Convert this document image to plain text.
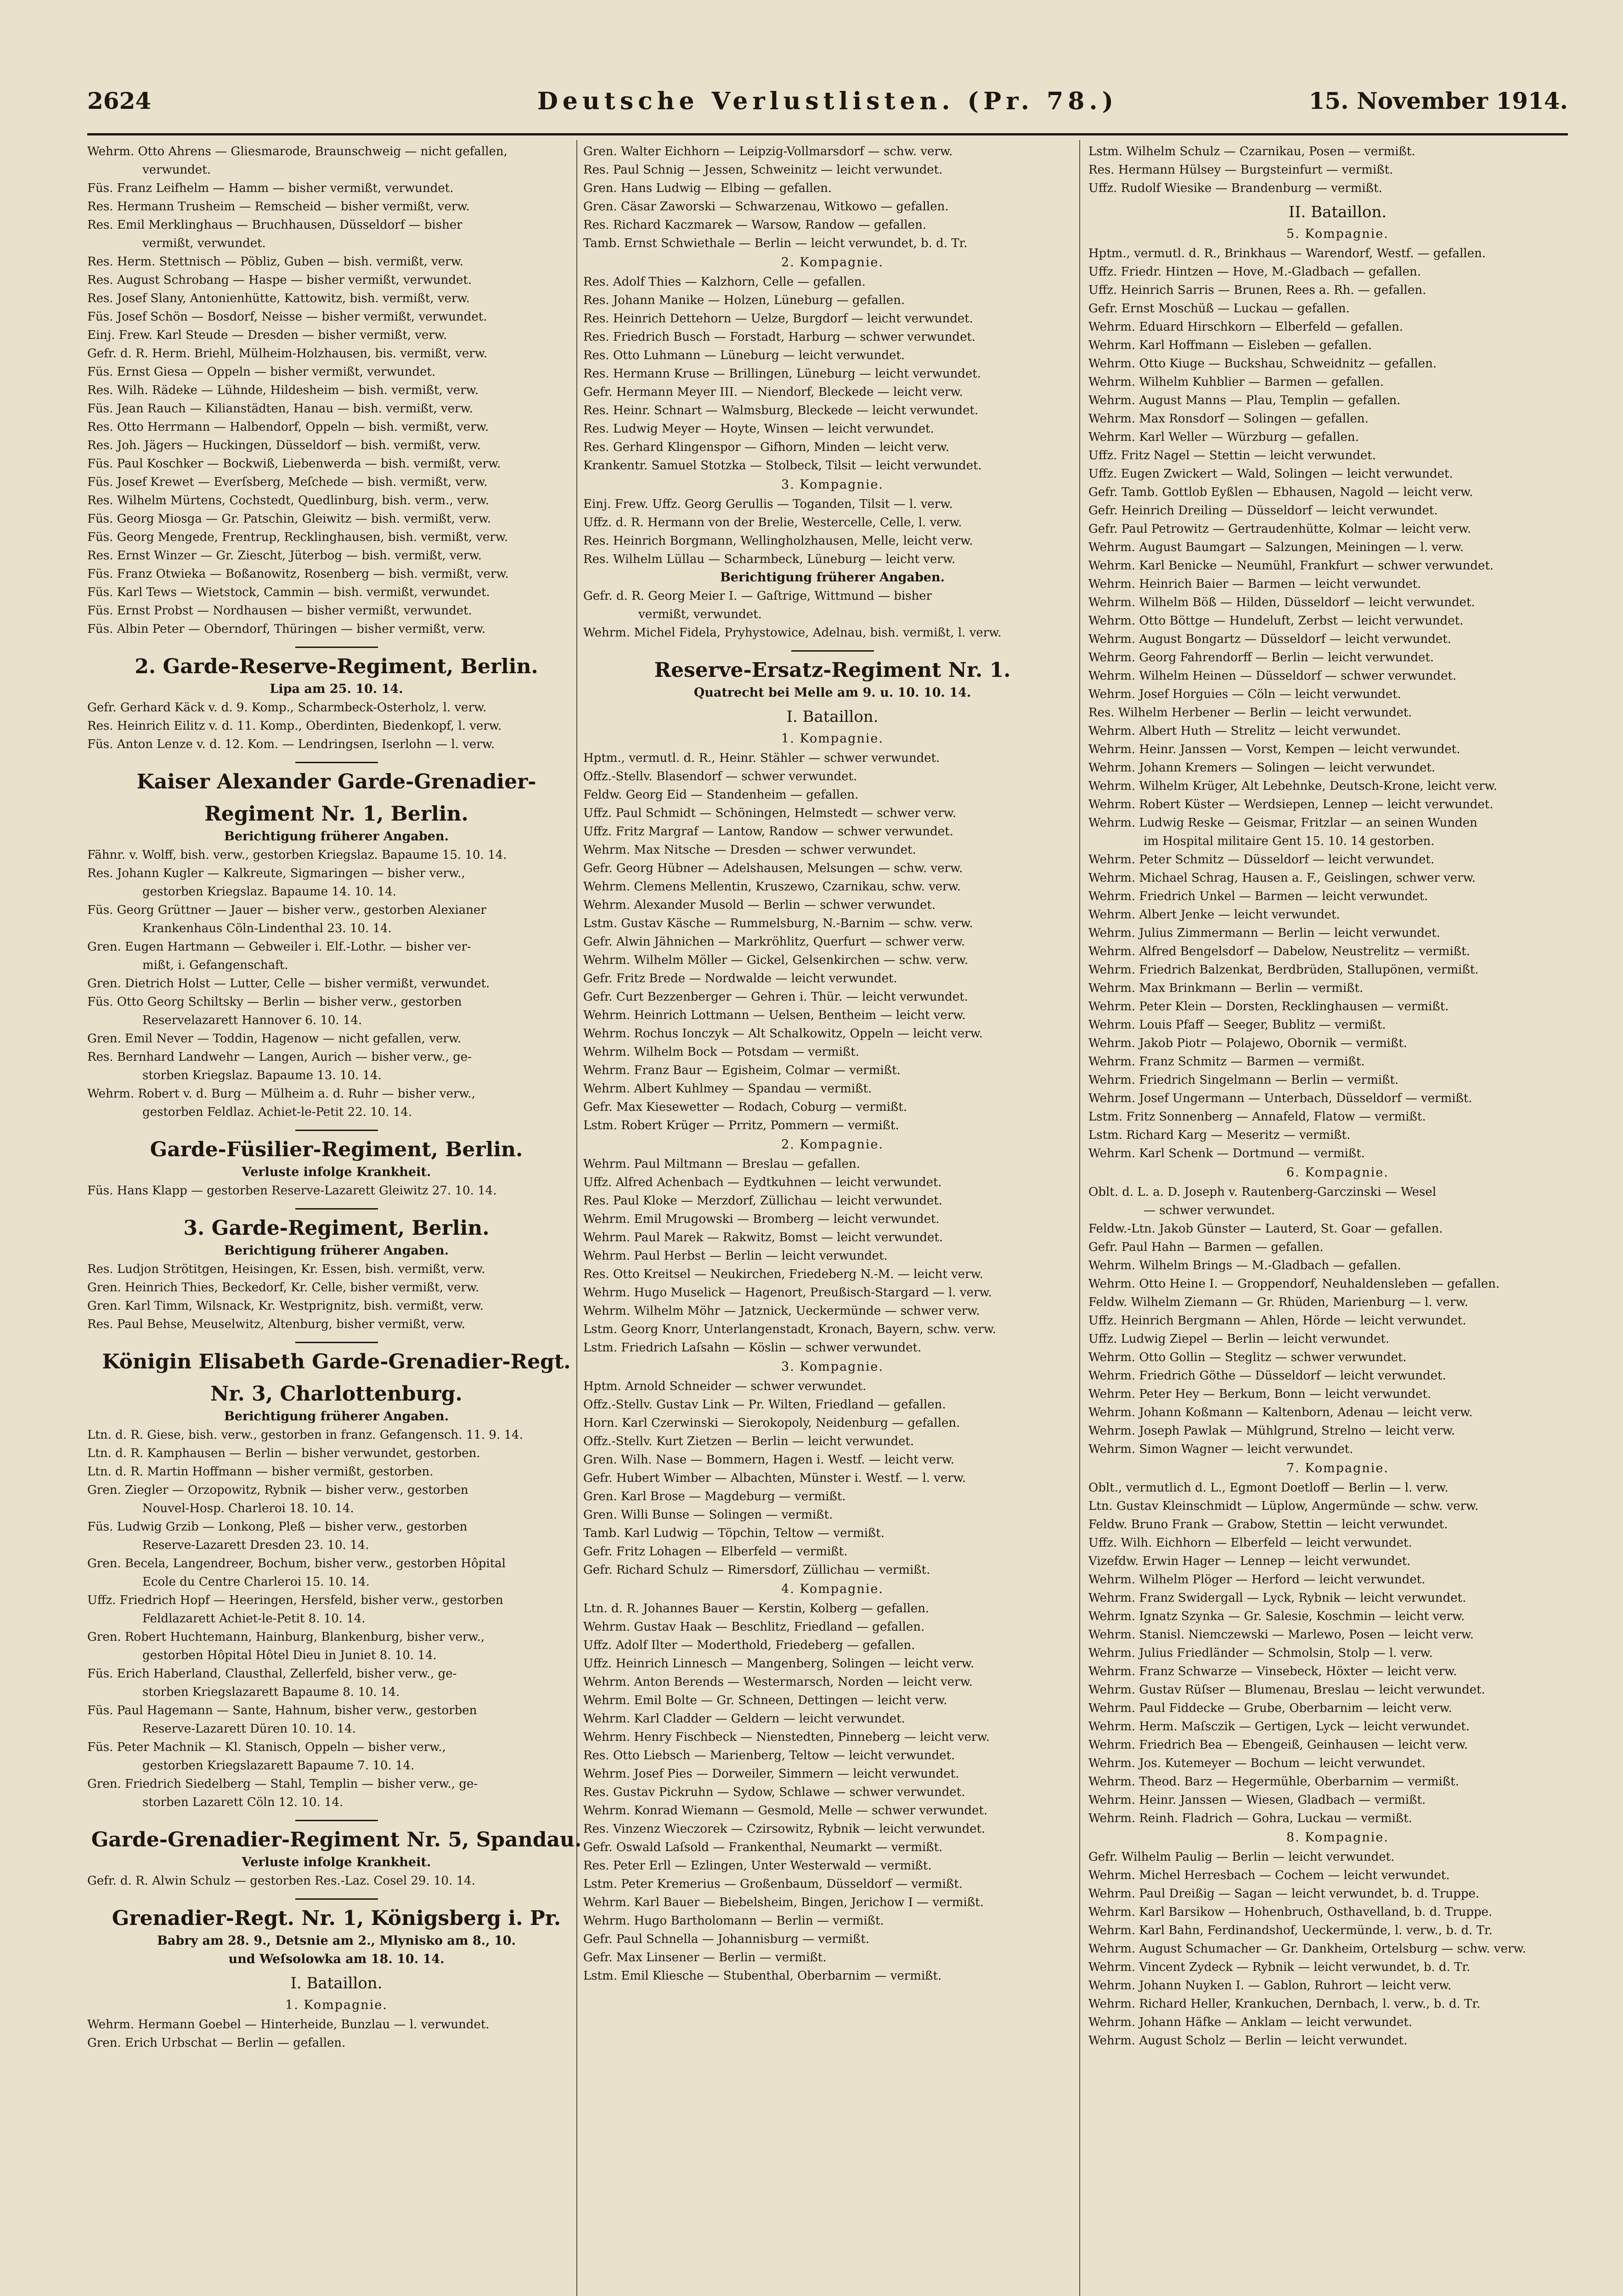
2624	Deutsche Verlustlisten. (Pr. 78.)	15. November 1914.
Wehrm. Otto Ahrens — Gliesmarode, Braunschweig — nicht gefallen,
verwundet.
Füs. Franz Leifhelm — Hamm — bisher vermißt, verwundet.
Res. Hermann Trusheim — Remscheid — bisher vermißt, verw.
Res. Emil Merklinghaus — Bruchhausen, Düsseldorf — bisher
vermißt, verwundet.
Res. Herm. Stettnisch — Pöbliz, Guben — bish. vermißt, verw.
Res. August Schrobang — Haspe — bisher vermißt, verwundet.
Res. Josef Slany, Antonienhütte, Kattowitz, bish. vermißt, verw.
Füs. Josef Schön — Bosdorf, Neisse — bisher vermißt, verwundet.
Einj. Frew. Karl Steude — Dresden — bisher vermißt, verw.
Gefr. d. R. Herm. Briehl, Mülheim-Holzhausen, bis. vermißt, verw.
Füs. Ernst Giesa — Oppeln — bisher vermißt, verwundet.
Res. Wilh. Rädeke — Lühnde, Hildesheim — bish. vermißt, verw.
Füs. Jean Rauch — Kilianstädten, Hanau — bish. vermißt, verw.
Res. Otto Herrmann — Halbendorf, Oppeln — bish. vermißt, verw.
Res. Joh. Jägers — Huckingen, Düsseldorf — bish. vermißt, verw.
Füs. Paul Koschker — Bockwiß, Liebenwerda — bish. vermißt, verw.
Füs. Josef Krewet — Everſsberg, Meſchede — bish. vermißt, verw.
Res. Wilhelm Mürtens, Cochstedt, Quedlinburg, bish. verm., verw.
Füs. Georg Miosga — Gr. Patschin, Gleiwitz — bish. vermißt, verw.
Füs. Georg Mengede, Frentrup, Recklinghausen, bish. vermißt, verw.
Res. Ernst Winzer — Gr. Ziescht, Jüterbog — bish. vermißt, verw.
Füs. Franz Otwieka — Boßanowitz, Rosenberg — bish. vermißt, verw.
Füs. Karl Tews — Wietstock, Cammin — bish. vermißt, verwundet.
Füs. Ernst Probst — Nordhausen — bisher vermißt, verwundet.
Füs. Albin Peter — Oberndorf, Thüringen — bisher vermißt, verw.
2. Garde-Reserve-Regiment, Berlin.
Lipa am 25. 10. 14.
Gefr. Gerhard Käck v. d. 9. Komp., Scharmbeck-Osterholz, l. verw.
Res. Heinrich Eilitz v. d. 11. Komp., Oberdinten, Biedenkopf, l. verw.
Füs. Anton Lenze v. d. 12. Kom. — Lendringsen, Iserlohn — l. verw.
Kaiser Alexander Garde-Grenadier-
Regiment Nr. 1, Berlin.
Berichtigung früherer Angaben.
Fähnr. v. Wolff, bish. verw., gestorben Kriegslaz. Bapaume 15. 10. 14.
Res. Johann Kugler — Kalkreute, Sigmaringen — bisher verw.,
gestorben Kriegslaz. Bapaume 14. 10. 14.
Füs. Georg Grüttner — Jauer — bisher verw., gestorben Alexianer
Krankenhaus Cöln-Lindenthal 23. 10. 14.
Gren. Eugen Hartmann — Gebweiler i. Elf.-Lothr. — bisher ver-
mißt, i. Gefangenschaft.
Gren. Dietrich Holst — Lutter, Celle — bisher vermißt, verwundet.
Füs. Otto Georg Schiltsky — Berlin — bisher verw., gestorben
Reservelazarett Hannover 6. 10. 14.
Gren. Emil Never — Toddin, Hagenow — nicht gefallen, verw.
Res. Bernhard Landwehr — Langen, Aurich — bisher verw., ge-
storben Kriegslaz. Bapaume 13. 10. 14.
Wehrm. Robert v. d. Burg — Mülheim a. d. Ruhr — bisher verw.,
gestorben Feldlaz. Achiet-le-Petit 22. 10. 14.
Garde-Füsilier-Regiment, Berlin.
Verluste infolge Krankheit.
Füs. Hans Klapp — gestorben Reserve-Lazarett Gleiwitz 27. 10. 14.
3. Garde-Regiment, Berlin.
Berichtigung früherer Angaben.
Res. Ludjon Strötitgen, Heisingen, Kr. Essen, bish. vermißt, verw.
Gren. Heinrich Thies, Beckedorf, Kr. Celle, bisher vermißt, verw.
Gren. Karl Timm, Wilsnack, Kr. Westprignitz, bish. vermißt, verw.
Res. Paul Behse, Meuselwitz, Altenburg, bisher vermißt, verw.
Königin Elisabeth Garde-Grenadier-Regt.
Nr. 3, Charlottenburg.
Berichtigung früherer Angaben.
Ltn. d. R. Giese, bish. verw., gestorben in franz. Gefangensch. 11. 9. 14.
Ltn. d. R. Kamphausen — Berlin — bisher verwundet, gestorben.
Ltn. d. R. Martin Hoffmann — bisher vermißt, gestorben.
Gren. Ziegler — Orzopowitz, Rybnik — bisher verw., gestorben
Nouvel-Hosp. Charleroi 18. 10. 14.
Füs. Ludwig Grzib — Lonkong, Pleß — bisher verw., gestorben
Reserve-Lazarett Dresden 23. 10. 14.
Gren. Becela, Langendreer, Bochum, bisher verw., gestorben Hôpital
Ecole du Centre Charleroi 15. 10. 14.
Uffz. Friedrich Hopf — Heeringen, Hersfeld, bisher verw., gestorben
Feldlazarett Achiet-le-Petit 8. 10. 14.
Gren. Robert Huchtemann, Hainburg, Blankenburg, bisher verw.,
gestorben Hôpital Hôtel Dieu in Juniet 8. 10. 14.
Füs. Erich Haberland, Clausthal, Zellerfeld, bisher verw., ge-
storben Kriegslazarett Bapaume 8. 10. 14.
Füs. Paul Hagemann — Sante, Hahnum, bisher verw., gestorben
Reserve-Lazarett Düren 10. 10. 14.
Füs. Peter Machnik — Kl. Stanisch, Oppeln — bisher verw.,
gestorben Kriegslazarett Bapaume 7. 10. 14.
Gren. Friedrich Siedelberg — Stahl, Templin — bisher verw., ge-
storben Lazarett Cöln 12. 10. 14.
Garde-Grenadier-Regiment Nr. 5, Spandau.
Verluste infolge Krankheit.
Gefr. d. R. Alwin Schulz — gestorben Res.-Laz. Cosel 29. 10. 14.
Grenadier-Regt. Nr. 1, Königsberg i. Pr.
Babry am 28. 9., Detsnie am 2., Mlynisko am 8., 10.
und Weſsolowka am 18. 10. 14.
I. Bataillon.
1. Kompagnie.
Wehrm. Hermann Goebel — Hinterheide, Bunzlau — l. verwundet.
Gren. Erich Urbschat — Berlin — gefallen.
Gren. Walter Eichhorn — Leipzig-Vollmarsdorf — schw. verw.
Res. Paul Schnig — Jessen, Schweinitz — leicht verwundet.
Gren. Hans Ludwig — Elbing — gefallen.
Gren. Cäsar Zaworski — Schwarzenau, Witkowo — gefallen.
Res. Richard Kaczmarek — Warsow, Randow — gefallen.
Tamb. Ernst Schwiethale — Berlin — leicht verwundet, b. d. Tr.
2. Kompagnie.
Res. Adolf Thies — Kalzhorn, Celle — gefallen.
Res. Johann Manike — Holzen, Lüneburg — gefallen.
Res. Heinrich Dettehorn — Uelze, Burgdorf — leicht verwundet.
Res. Friedrich Busch — Forstadt, Harburg — schwer verwundet.
Res. Otto Luhmann — Lüneburg — leicht verwundet.
Res. Hermann Kruse — Brillingen, Lüneburg — leicht verwundet.
Gefr. Hermann Meyer III. — Niendorf, Bleckede — leicht verw.
Res. Heinr. Schnart — Walmsburg, Bleckede — leicht verwundet.
Res. Ludwig Meyer — Hoyte, Winsen — leicht verwundet.
Res. Gerhard Klingenspor — Gifhorn, Minden — leicht verw.
Krankentr. Samuel Stotzka — Stolbeck, Tilsit — leicht verwundet.
3. Kompagnie.
Einj. Frew. Uffz. Georg Gerullis — Toganden, Tilsit — l. verw.
Uffz. d. R. Hermann von der Brelie, Westercelle, Celle, l. verw.
Res. Heinrich Borgmann, Wellingholzhausen, Melle, leicht verw.
Res. Wilhelm Lüllau — Scharmbeck, Lüneburg — leicht verw.
Berichtigung früherer Angaben.
Gefr. d. R. Georg Meier I. — Gaſtrige, Wittmund — bisher
vermißt, verwundet.
Wehrm. Michel Fidela, Pryhystowice, Adelnau, bish. vermißt, l. verw.
Reserve-Ersatz-Regiment Nr. 1.
Quatrecht bei Melle am 9. u. 10. 10. 14.
I. Bataillon.
1. Kompagnie.
Hptm., vermutl. d. R., Heinr. Stähler — schwer verwundet.
Offz.-Stellv. Blasendorf — schwer verwundet.
Feldw. Georg Eid — Standenheim — gefallen.
Uffz. Paul Schmidt — Schöningen, Helmstedt — schwer verw.
Uffz. Fritz Margraf — Lantow, Randow — schwer verwundet.
Wehrm. Max Nitsche — Dresden — schwer verwundet.
Gefr. Georg Hübner — Adelshausen, Melsungen — schw. verw.
Wehrm. Clemens Mellentin, Kruszewo, Czarnikau, schw. verw.
Wehrm. Alexander Musold — Berlin — schwer verwundet.
Lstm. Gustav Käsche — Rummelsburg, N.-Barnim — schw. verw.
Gefr. Alwin Jähnichen — Markröhlitz, Querfurt — schwer verw.
Wehrm. Wilhelm Möller — Gickel, Gelsenkirchen — schw. verw.
Gefr. Fritz Brede — Nordwalde — leicht verwundet.
Gefr. Curt Bezzenberger — Gehren i. Thür. — leicht verwundet.
Wehrm. Heinrich Lottmann — Uelsen, Bentheim — leicht verw.
Wehrm. Rochus Ionczyk — Alt Schalkowitz, Oppeln — leicht verw.
Wehrm. Wilhelm Bock — Potsdam — vermißt.
Wehrm. Franz Baur — Egisheim, Colmar — vermißt.
Wehrm. Albert Kuhlmey — Spandau — vermißt.
Gefr. Max Kiesewetter — Rodach, Coburg — vermißt.
Lstm. Robert Krüger — Prritz, Pommern — vermißt.
2. Kompagnie.
Wehrm. Paul Miltmann — Breslau — gefallen.
Uffz. Alfred Achenbach — Eydtkuhnen — leicht verwundet.
Res. Paul Kloke — Merzdorf, Züllichau — leicht verwundet.
Wehrm. Emil Mrugowski — Bromberg — leicht verwundet.
Wehrm. Paul Marek — Rakwitz, Bomst — leicht verwundet.
Wehrm. Paul Herbst — Berlin — leicht verwundet.
Res. Otto Kreitsel — Neukirchen, Friedeberg N.-M. — leicht verw.
Wehrm. Hugo Muselick — Hagenort, Preußisch-Stargard — l. verw.
Wehrm. Wilhelm Möhr — Jatznick, Ueckermünde — schwer verw.
Lstm. Georg Knorr, Unterlangenstadt, Kronach, Bayern, schw. verw.
Lstm. Friedrich Laſsahn — Köslin — schwer verwundet.
3. Kompagnie.
Hptm. Arnold Schneider — schwer verwundet.
Offz.-Stellv. Gustav Link — Pr. Wilten, Friedland — gefallen.
Horn. Karl Czerwinski — Sierokopoly, Neidenburg — gefallen.
Offz.-Stellv. Kurt Zietzen — Berlin — leicht verwundet.
Gren. Wilh. Nase — Bommern, Hagen i. Westf. — leicht verw.
Gefr. Hubert Wimber — Albachten, Münster i. Westf. — l. verw.
Gren. Karl Brose — Magdeburg — vermißt.
Gren. Willi Bunse — Solingen — vermißt.
Tamb. Karl Ludwig — Töpchin, Teltow — vermißt.
Gefr. Fritz Lohagen — Elberfeld — vermißt.
Gefr. Richard Schulz — Rimersdorf, Züllichau — vermißt.
4. Kompagnie.
Ltn. d. R. Johannes Bauer — Kerstin, Kolberg — gefallen.
Wehrm. Gustav Haak — Beschlitz, Friedland — gefallen.
Uffz. Adolf Ilter — Moderthold, Friedeberg — gefallen.
Uffz. Heinrich Linnesch — Mangenberg, Solingen — leicht verw.
Wehrm. Anton Berends — Westermarsch, Norden — leicht verw.
Wehrm. Emil Bolte — Gr. Schneen, Dettingen — leicht verw.
Wehrm. Karl Cladder — Geldern — leicht verwundet.
Wehrm. Henry Fischbeck — Nienstedten, Pinneberg — leicht verw.
Res. Otto Liebsch — Marienberg, Teltow — leicht verwundet.
Wehrm. Josef Pies — Dorweiler, Simmern — leicht verwundet.
Res. Gustav Pickruhn — Sydow, Schlawe — schwer verwundet.
Wehrm. Konrad Wiemann — Gesmold, Melle — schwer verwundet.
Res. Vinzenz Wieczorek — Czirsowitz, Rybnik — leicht verwundet.
Gefr. Oswald Laſsold — Frankenthal, Neumarkt — vermißt.
Res. Peter Erll — Ezlingen, Unter Westerwald — vermißt.
Lstm. Peter Kremerius — Großenbaum, Düsseldorf — vermißt.
Wehrm. Karl Bauer — Biebelsheim, Bingen, Jerichow I — vermißt.
Wehrm. Hugo Bartholomann — Berlin — vermißt.
Gefr. Paul Schnella — Johannisburg — vermißt.
Gefr. Max Linsener — Berlin — vermißt.
Lstm. Emil Kliesche — Stubenthal, Oberbarnim — vermißt.
Lstm. Wilhelm Schulz — Czarnikau, Posen — vermißt.
Res. Hermann Hülsey — Burgsteinfurt — vermißt.
Uffz. Rudolf Wiesike — Brandenburg — vermißt.
II. Bataillon.
5. Kompagnie.
Hptm., vermutl. d. R., Brinkhaus — Warendorf, Westf. — gefallen.
Uffz. Friedr. Hintzen — Hove, M.-Gladbach — gefallen.
Uffz. Heinrich Sarris — Brunen, Rees a. Rh. — gefallen.
Gefr. Ernst Moschüß — Luckau — gefallen.
Wehrm. Eduard Hirschkorn — Elberfeld — gefallen.
Wehrm. Karl Hoffmann — Eisleben — gefallen.
Wehrm. Otto Kiuge — Buckshau, Schweidnitz — gefallen.
Wehrm. Wilhelm Kuhblier — Barmen — gefallen.
Wehrm. August Manns — Plau, Templin — gefallen.
Wehrm. Max Ronsdorf — Solingen — gefallen.
Wehrm. Karl Weller — Würzburg — gefallen.
Uffz. Fritz Nagel — Stettin — leicht verwundet.
Uffz. Eugen Zwickert — Wald, Solingen — leicht verwundet.
Gefr. Tamb. Gottlob Eyßlen — Ebhausen, Nagold — leicht verw.
Gefr. Heinrich Dreiling — Düsseldorf — leicht verwundet.
Gefr. Paul Petrowitz — Gertraudenhütte, Kolmar — leicht verw.
Wehrm. August Baumgart — Salzungen, Meiningen — l. verw.
Wehrm. Karl Benicke — Neumühl, Frankfurt — schwer verwundet.
Wehrm. Heinrich Baier — Barmen — leicht verwundet.
Wehrm. Wilhelm Böß — Hilden, Düsseldorf — leicht verwundet.
Wehrm. Otto Böttge — Hundeluft, Zerbst — leicht verwundet.
Wehrm. August Bongartz — Düsseldorf — leicht verwundet.
Wehrm. Georg Fahrendorff — Berlin — leicht verwundet.
Wehrm. Wilhelm Heinen — Düsseldorf — schwer verwundet.
Wehrm. Josef Horguies — Cöln — leicht verwundet.
Res. Wilhelm Herbener — Berlin — leicht verwundet.
Wehrm. Albert Huth — Strelitz — leicht verwundet.
Wehrm. Heinr. Janssen — Vorst, Kempen — leicht verwundet.
Wehrm. Johann Kremers — Solingen — leicht verwundet.
Wehrm. Wilhelm Krüger, Alt Lebehnke, Deutsch-Krone, leicht verw.
Wehrm. Robert Küster — Werdsiepen, Lennep — leicht verwundet.
Wehrm. Ludwig Reske — Geismar, Fritzlar — an seinen Wunden
im Hospital militaire Gent 15. 10. 14 gestorben.
Wehrm. Peter Schmitz — Düsseldorf — leicht verwundet.
Wehrm. Michael Schrag, Hausen a. F., Geislingen, schwer verw.
Wehrm. Friedrich Unkel — Barmen — leicht verwundet.
Wehrm. Albert Jenke — leicht verwundet.
Wehrm. Julius Zimmermann — Berlin — leicht verwundet.
Wehrm. Alfred Bengelsdorf — Dabelow, Neustrelitz — vermißt.
Wehrm. Friedrich Balzenkat, Berdbrüden, Stallupönen, vermißt.
Wehrm. Max Brinkmann — Berlin — vermißt.
Wehrm. Peter Klein — Dorsten, Recklinghausen — vermißt.
Wehrm. Louis Pfaff — Seeger, Bublitz — vermißt.
Wehrm. Jakob Piotr — Polajewo, Obornik — vermißt.
Wehrm. Franz Schmitz — Barmen — vermißt.
Wehrm. Friedrich Singelmann — Berlin — vermißt.
Wehrm. Josef Ungermann — Unterbach, Düsseldorf — vermißt.
Lstm. Fritz Sonnenberg — Annafeld, Flatow — vermißt.
Lstm. Richard Karg — Meseritz — vermißt.
Wehrm. Karl Schenk — Dortmund — vermißt.
6. Kompagnie.
Oblt. d. L. a. D. Joseph v. Rautenberg-Garczinski — Wesel
— schwer verwundet.
Feldw.-Ltn. Jakob Günster — Lauterd, St. Goar — gefallen.
Gefr. Paul Hahn — Barmen — gefallen.
Wehrm. Wilhelm Brings — M.-Gladbach — gefallen.
Wehrm. Otto Heine I. — Groppendorf, Neuhaldensleben — gefallen.
Feldw. Wilhelm Ziemann — Gr. Rhüden, Marienburg — l. verw.
Uffz. Heinrich Bergmann — Ahlen, Hörde — leicht verwundet.
Uffz. Ludwig Ziepel — Berlin — leicht verwundet.
Wehrm. Otto Gollin — Steglitz — schwer verwundet.
Wehrm. Friedrich Göthe — Düsseldorf — leicht verwundet.
Wehrm. Peter Hey — Berkum, Bonn — leicht verwundet.
Wehrm. Johann Koßmann — Kaltenborn, Adenau — leicht verw.
Wehrm. Joseph Pawlak — Mühlgrund, Strelno — leicht verw.
Wehrm. Simon Wagner — leicht verwundet.
7. Kompagnie.
Oblt., vermutlich d. L., Egmont Doetloff — Berlin — l. verw.
Ltn. Gustav Kleinschmidt — Lüplow, Angermünde — schw. verw.
Feldw. Bruno Frank — Grabow, Stettin — leicht verwundet.
Uffz. Wilh. Eichhorn — Elberfeld — leicht verwundet.
Vizefdw. Erwin Hager — Lennep — leicht verwundet.
Wehrm. Wilhelm Plöger — Herford — leicht verwundet.
Wehrm. Franz Swidergall — Lyck, Rybnik — leicht verwundet.
Wehrm. Ignatz Szynka — Gr. Salesie, Koschmin — leicht verw.
Wehrm. Stanisl. Niemczewski — Marlewo, Posen — leicht verw.
Wehrm. Julius Friedländer — Schmolsin, Stolp — l. verw.
Wehrm. Franz Schwarze — Vinsebeck, Höxter — leicht verw.
Wehrm. Gustav Rüſser — Blumenau, Breslau — leicht verwundet.
Wehrm. Paul Fiddecke — Grube, Oberbarnim — leicht verw.
Wehrm. Herm. Maſsczik — Gertigen, Lyck — leicht verwundet.
Wehrm. Friedrich Bea — Ebengeiß, Geinhausen — leicht verw.
Wehrm. Jos. Kutemeyer — Bochum — leicht verwundet.
Wehrm. Theod. Barz — Hegermühle, Oberbarnim — vermißt.
Wehrm. Heinr. Janssen — Wiesen, Gladbach — vermißt.
Wehrm. Reinh. Fladrich — Gohra, Luckau — vermißt.
8. Kompagnie.
Gefr. Wilhelm Paulig — Berlin — leicht verwundet.
Wehrm. Michel Herresbach — Cochem — leicht verwundet.
Wehrm. Paul Dreißig — Sagan — leicht verwundet, b. d. Truppe.
Wehrm. Karl Barsikow — Hohenbruch, Osthavelland, b. d. Truppe.
Wehrm. Karl Bahn, Ferdinandshof, Ueckermünde, l. verw., b. d. Tr.
Wehrm. August Schumacher — Gr. Dankheim, Ortelsburg — schw. verw.
Wehrm. Vincent Zydeck — Rybnik — leicht verwundet, b. d. Tr.
Wehrm. Johann Nuyken I. — Gablon, Ruhrort — leicht verw.
Wehrm. Richard Heller, Krankuchen, Dernbach, l. verw., b. d. Tr.
Wehrm. Johann Häfke — Anklam — leicht verwundet.
Wehrm. August Scholz — Berlin — leicht verwundet.
